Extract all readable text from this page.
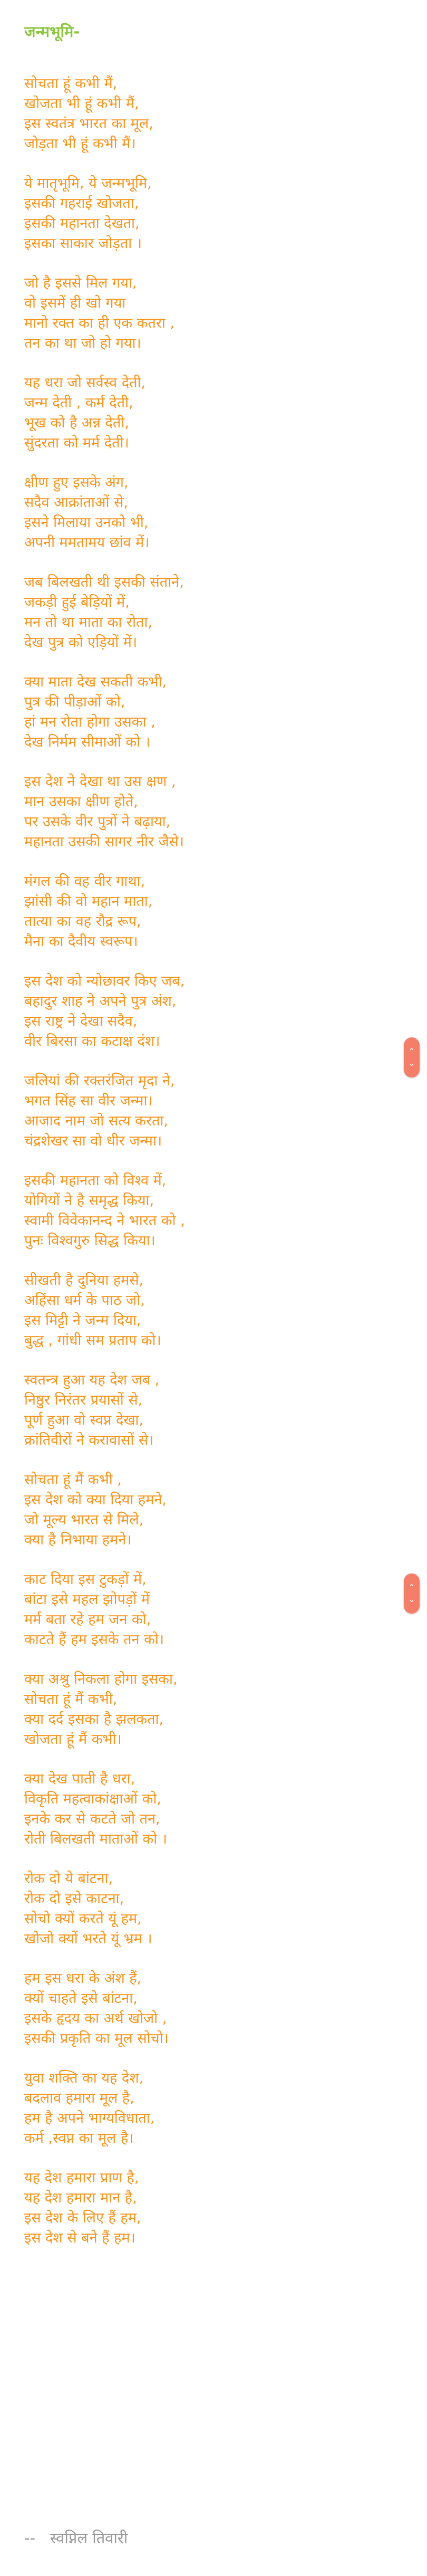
जन्मभूमि-
सोचता हूं कभी मैं,
खोजता भी हूं कभी मैं,
इस स्वतंत्र भारत का मूल,
जोड़ता भी हूं कभी मैं।
ये मातृभूमि, ये जन्मभूमि,
इसकी गहराई खोजता,
इसकी महानता देखता,
इसका साकार जोड़ता ।
जो है इससे मिल गया,
वो इसमें ही खो गया
मानो रक्त का ही एक कतरा ,
तन का था जो हो गया।
यह धरा जो सर्वस्व देती,
जन्म देती , कर्म देती,
भूख को है अन्न देती,
सुंदरता को मर्म देती।
क्षीण हुए इसके अंग,
सदैव आक्रांताओं से,
इसने मिलाया उनको भी,
अपनी ममतामय छांव में।
जब बिलखती थी इसकी संताने,
जकड़ी हुई बेड़ियों में,
मन तो था माता का रोता,
देख पुत्र को एड़ियों में।
क्या माता देख सकती कभी,
पुत्र की पीड़ाओं को,
हां मन रोता होगा उसका ,
देख निर्मम सीमाओं को ।
इस देश ने देखा था उस क्षण ,
मान उसका क्षीण होते,
पर उसके वीर पुत्रों ने बढ़ाया,
महानता उसकी सागर नीर जैसे।
मंगल की वह वीर गाथा,
झांसी की वो महान माता,
तात्या का वह रौद्र रूप,
मैना का दैवीय स्वरूप।
इस देश को न्योछावर किए जब,
बहादुर शाह ने अपने पुत्र अंश,
इस राष्ट्र ने देखा सदैव,
वीर बिरसा का कटाक्ष दंश।
जलियां की रक्तरंजित मृदा ने,
भगत सिंह सा वीर जन्मा।
आजाद नाम जो सत्य करता,
चंद्रशेखर सा वो धीर जन्मा।
इसकी महानता को विश्व में,
योगियों ने है समृद्ध किया,
स्वामी विवेकानन्द ने भारत को ,
पुनः विश्वगुरु सिद्ध किया।
सीखती है दुनिया हमसे,
अहिंसा धर्म के पाठ जो,
इस मिट्टी ने जन्म दिया,
बुद्ध , गांधी सम प्रताप को।
स्वतन्त्र हुआ यह देश जब ,
निष्ठुर निरंतर प्रयासों से,
पूर्ण हुआ वो स्वप्न देखा,
क्रांतिवीरों ने करावासों से।
सोचता हूं मैं कभी ,
इस देश को क्या दिया हमने,
जो मूल्य भारत से मिले,
क्या है निभाया हमने।
काट दिया इस टुकड़ों में,
बांटा इसे महल झोपड़ों में
मर्म बता रहे हम जन को,
काटते हैं हम इसके तन को।
क्या अश्रु निकला होगा इसका,
सोचता हूं मैं कभी,
क्या दर्द इसका है झलकता,
खोजता हूं मैं कभी।
क्या देख पाती है धरा,
विकृति महत्वाकांक्षाओं को,
इनके कर से कटते जो तन,
रोती बिलखती माताओं को ।
रोक दो ये बांटना,
रोक दो इसे काटना,
सोचो क्यों करते यूं हम,
खोजो क्यों भरते यूं भ्रम ।
हम इस धरा के अंश हैं,
क्यों चाहते इसे बांटना,
इसके हृदय का अर्थ खोजो ,
इसकी प्रकृति का मूल सोचो।
युवा शक्ति का यह देश,
बदलाव हमारा मूल है,
हम है अपने भाग्यविधाता,
कर्म ,स्वप्न का मूल है।
यह देश हमारा प्राण है,
यह देश हमारा मान है,
इस देश के लिए हैं हम,
इस देश से बने हैं हम।
-- स्वप्निल तिवारी
⌃
⌄
⌃
⌄
